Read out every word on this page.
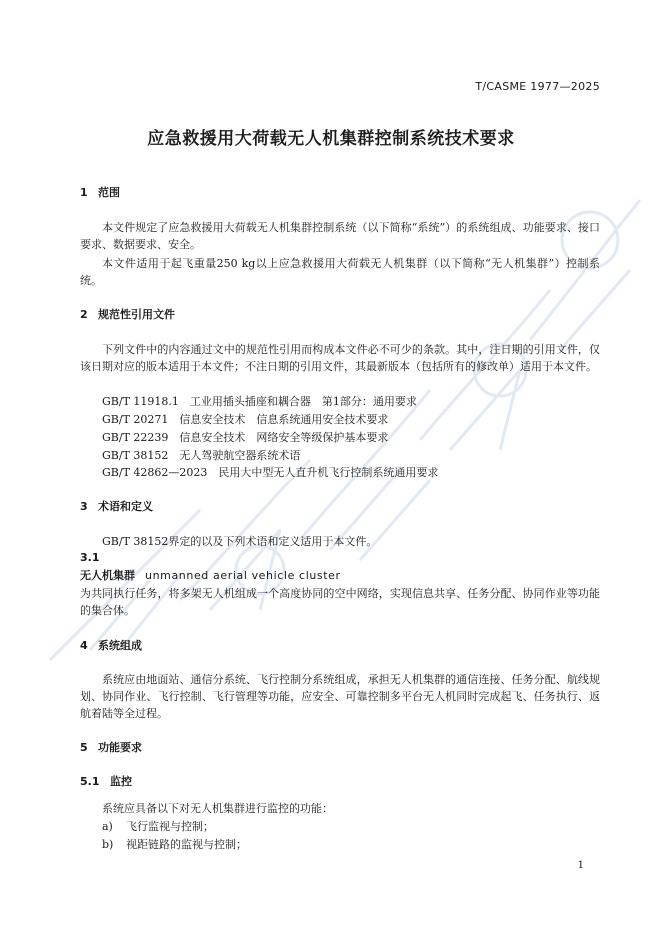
T/CASME 1977—2025
应急救援用大荷载无人机集群控制系统技术要求
1 范围
本文件规定了应急救援用大荷载无人机集群控制系统（以下简称“系统”）的系统组成、功能要求、接口要求、数据要求、安全。
本文件适用于起飞重量250 kg以上应急救援用大荷载无人机集群（以下简称“无人机集群”）控制系统。
2 规范性引用文件
下列文件中的内容通过文中的规范性引用而构成本文件必不可少的条款。其中，注日期的引用文件，仅该日期对应的版本适用于本文件；不注日期的引用文件，其最新版本（包括所有的修改单）适用于本文件。
GB/T 11918.1　工业用插头插座和耦合器　第1部分：通用要求
GB/T 20271　信息安全技术　信息系统通用安全技术要求
GB/T 22239　信息安全技术　网络安全等级保护基本要求
GB/T 38152　无人驾驶航空器系统术语
GB/T 42862—2023　民用大中型无人直升机飞行控制系统通用要求
3 术语和定义
GB/T 38152界定的以及下列术语和定义适用于本文件。
3.1
无人机集群 unmanned aerial vehicle cluster
为共同执行任务，将多架无人机组成一个高度协同的空中网络，实现信息共享、任务分配、协同作业等功能的集合体。
4 系统组成
系统应由地面站、通信分系统、飞行控制分系统组成，承担无人机集群的通信连接、任务分配、航线规划、协同作业、飞行控制、飞行管理等功能，应安全、可靠控制多平台无人机同时完成起飞、任务执行、返航着陆等全过程。
5 功能要求
5.1 监控
系统应具备以下对无人机集群进行监控的功能：
a) 飞行监视与控制；
b) 视距链路的监视与控制；
1
